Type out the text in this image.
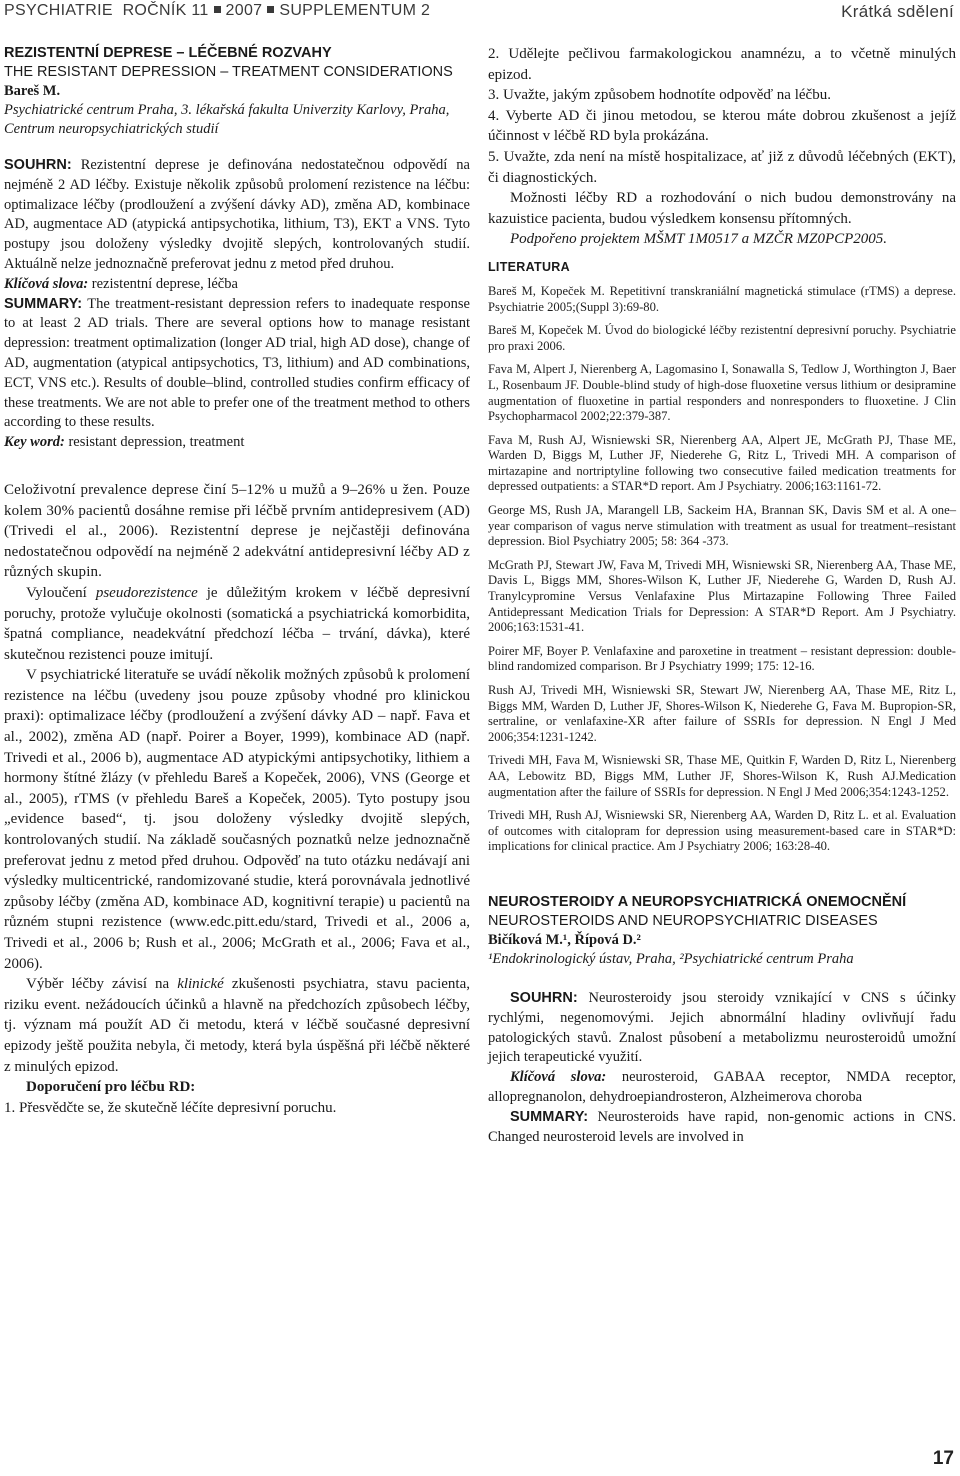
PSYCHIATRIE ROČNÍK 11 2007 SUPPLEMENTUM 2	Krátká sdělení
REZISTENTNÍ DEPRESE – LÉČEBNÉ ROZVAHY
THE RESISTANT DEPRESSION – TREATMENT CONSIDERATIONS
Bareš M.
Psychiatrické centrum Praha, 3. lékařská fakulta Univerzity Karlovy, Praha, Centrum neuropsychiatrických studií

SOUHRN: Rezistentní deprese je definována nedostatečnou odpovědí na nejméně 2 AD léčby. Existuje několik způsobů prolomení rezistence na léčbu: optimalizace léčby (prodloužení a zvýšení dávky AD), změna AD, kombinace AD, augmentace AD (atypická antipsychotika, lithium, T3), EKT a VNS. Tyto postupy jsou doloženy výsledky dvojitě slepých, kontrolovaných studií. Aktuálně nelze jednoznačně preferovat jednu z metod před druhou.

Klíčová slova: rezistentní deprese, léčba

SUMMARY: The treatment-resistant depression refers to inadequate response to at least 2 AD trials. There are several options how to manage resistant depression: treatment optimalization (longer AD trial, high AD dose), change of AD, augmentation (atypical antipsychotics, T3, lithium) and AD combinations, ECT, VNS etc.). Results of double–blind, controlled studies confirm efficacy of these treatments. We are not able to prefer one of the treatment method to others according to these results.

Key word: resistant depression, treatment

Celoživotní prevalence deprese činí 5–12% u mužů a 9–26% u žen. Pouze kolem 30% pacientů dosáhne remise při léčbě prvním antidepresivem (AD) (Trivedi el al., 2006). Rezistentní deprese je nejčastěji definována nedostatečnou odpovědí na nejméně 2 adekvátní antidepresivní léčby AD z různých skupin.

Vyloučení pseudorezistence je důležitým krokem v léčbě depresivní poruchy, protože vylučuje okolnosti (somatická a psychiatrická komorbidita, špatná compliance, neadekvátní předchozí léčba – trvání, dávka), které skutečnou rezistenci pouze imitují.

V psychiatrické literatuře se uvádí několik možných způsobů k prolomení rezistence na léčbu (uvedeny jsou pouze způsoby vhodné pro klinickou praxi): optimalizace léčby (prodloužení a zvýšení dávky AD – např. Fava et al., 2002), změna AD (např. Poirer a Boyer, 1999), kombinace AD (např. Trivedi et al., 2006 b), augmentace AD atypickými antipsychotiky, lithiem a hormony štítné žlázy (v přehledu Bareš a Kopeček, 2006), VNS (George et al., 2005), rTMS (v přehledu Bareš a Kopeček, 2005). Tyto postupy jsou „evidence based“, tj. jsou doloženy výsledky dvojitě slepých, kontrolovaných studií. Na základě současných poznatků nelze jednoznačně preferovat jednu z metod před druhou. Odpověď na tuto otázku nedávají ani výsledky multicentrické, randomizované studie, která porovnávala jednotlivé způsoby léčby (změna AD, kombinace AD, kognitivní terapie) u pacientů na různém stupni rezistence (www.edc.pitt.edu/stard, Trivedi et al., 2006 a, Trivedi et al., 2006 b; Rush et al., 2006; McGrath et al., 2006; Fava et al., 2006).

Výběr léčby závisí na klinické zkušenosti psychiatra, stavu pacienta, riziku event. nežádoucích účinků a hlavně na předchozích způsobech léčby, tj. význam má použít AD či metodu, která v léčbě současné depresivní epizody ještě použita nebyla, či metody, která byla úspěšná při léčbě některé z minulých epizod.

Doporučení pro léčbu RD:

1. Přesvědčte se, že skutečně léčíte depresivní poruchu.

2. Udělejte pečlivou farmakologickou anamnézu, a to včetně minulých epizod.

3. Uvažte, jakým způsobem hodnotíte odpověď na léčbu.

4. Vyberte AD či jinou metodou, se kterou máte dobrou zkušenost a jejíž účinnost v léčbě RD byla prokázána.

5. Uvažte, zda není na místě hospitalizace, ať již z důvodů léčebných (EKT), či diagnostických.

Možnosti léčby RD a rozhodování o nich budou demonstrovány na kazuistice pacienta, budou výsledkem konsensu přítomných.

Podpořeno projektem MŠMT 1M0517 a MZČR MZ0PCP2005.

LITERATURA

Bareš M, Kopeček M. Repetitivní transkraniální magnetická stimulace (rTMS) a deprese. Psychiatrie 2005;(Suppl 3):69-80.

Bareš M, Kopeček M. Úvod do biologické léčby rezistentní depresivní poruchy. Psychiatrie pro praxi 2006.

Fava M, Alpert J, Nierenberg A, Lagomasino I, Sonawalla S, Tedlow J, Worthington J, Baer L, Rosenbaum JF. Double-blind study of high-dose fluoxetine versus lithium or desipramine augmentation of fluoxetine in partial responders and nonresponders to fluoxetine. J Clin Psychopharmacol 2002;22:379-387.

Fava M, Rush AJ, Wisniewski SR, Nierenberg AA, Alpert JE, McGrath PJ, Thase ME, Warden D, Biggs M, Luther JF, Niederehe G, Ritz L, Trivedi MH. A comparison of mirtazapine and nortriptyline following two consecutive failed medication treatments for depressed outpatients: a STAR*D report. Am J Psychiatry. 2006;163:1161-72.

George MS, Rush JA, Marangell LB, Sackeim HA, Brannan SK, Davis SM et al. A one–year comparison of vagus nerve stimulation with treatment as usual for treatment–resistant depression. Biol Psychiatry 2005; 58: 364 -373.

McGrath PJ, Stewart JW, Fava M, Trivedi MH, Wisniewski SR, Nierenberg AA, Thase ME, Davis L, Biggs MM, Shores-Wilson K, Luther JF, Niederehe G, Warden D, Rush AJ. Tranylcypromine Versus Venlafaxine Plus Mirtazapine Following Three Failed Antidepressant Medication Trials for Depression: A STAR*D Report. Am J Psychiatry. 2006;163:1531-41.

Poirer MF, Boyer P. Venlafaxine and paroxetine in treatment – resistant depression: double-blind randomized comparison. Br J Psychiatry 1999; 175: 12-16.

Rush AJ, Trivedi MH, Wisniewski SR, Stewart JW, Nierenberg AA, Thase ME, Ritz L, Biggs MM, Warden D, Luther JF, Shores-Wilson K, Niederehe G, Fava M. Bupropion-SR, sertraline, or venlafaxine-XR after failure of SSRIs for depression. N Engl J Med 2006;354:1231-1242.

Trivedi MH, Fava M, Wisniewski SR, Thase ME, Quitkin F, Warden D, Ritz L, Nierenberg AA, Lebowitz BD, Biggs MM, Luther JF, Shores-Wilson K, Rush AJ.Medication augmentation after the failure of SSRIs for depression. N Engl J Med 2006;354:1243-1252.

Trivedi MH, Rush AJ, Wisniewski SR, Nierenberg AA, Warden D, Ritz L. et al. Evaluation of outcomes with citalopram for depression using measurement-based care in STAR*D: implications for clinical practice. Am J Psychiatry 2006; 163:28-40.

NEUROSTEROIDY A NEUROPSYCHIATRICKÁ ONEMOCNĚNÍ
NEUROSTEROIDS AND NEUROPSYCHIATRIC DISEASES
Bičíková M.¹, Řípová D.²
¹Endokrinologický ústav, Praha, ²Psychiatrické centrum Praha

SOUHRN: Neurosteroidy jsou steroidy vznikající v CNS s účinky rychlými, negenomovými. Jejich abnormální hladiny ovlivňují řadu patologických stavů. Znalost působení a metabolizmu neurosteroidů umožní jejich terapeutické využití.

Klíčová slova: neurosteroid, GABAA receptor, NMDA receptor, allopregnanolon, dehydroepiandrosteron, Alzheimerova choroba

SUMMARY: Neurosteroids have rapid, non-genomic actions in CNS. Changed neurosteroid levels are involved in

17
